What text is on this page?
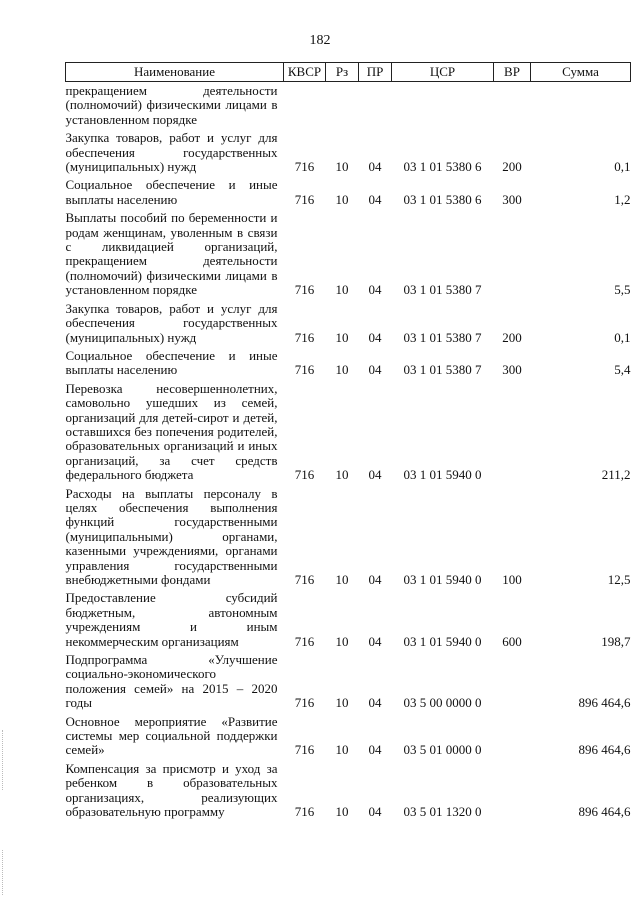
182
Наименование	КВСР	Рз	ПР	ЦСР	ВР	Сумма
прекращением деятельности (полномочий) физическими лицами в установленном порядке						
Закупка товаров, работ и услуг для обеспечения государственных (муниципальных) нужд	716	10	04	03 1 01 5380 6	200	0,1
Социальное обеспечение и иные выплаты населению	716	10	04	03 1 01 5380 6	300	1,2
Выплаты пособий по беременности и родам женщинам, уволенным в связи с ликвидацией организаций, прекращением деятельности (полномочий) физическими лицами в установленном порядке	716	10	04	03 1 01 5380 7		5,5
Закупка товаров, работ и услуг для обеспечения государственных (муниципальных) нужд	716	10	04	03 1 01 5380 7	200	0,1
Социальное обеспечение и иные выплаты населению	716	10	04	03 1 01 5380 7	300	5,4
Перевозка несовершеннолетних, самовольно ушедших из семей, организаций для детей-сирот и детей, оставшихся без попечения родителей, образовательных организаций и иных организаций, за счет средств федерального бюджета	716	10	04	03 1 01 5940 0		211,2
Расходы на выплаты персоналу в целях обеспечения выполнения функций государственными (муниципальными) органами, казенными учреждениями, органами управления государственными внебюджетными фондами	716	10	04	03 1 01 5940 0	100	12,5
Предоставление субсидий бюджетным, автономным учреждениям и иным некоммерческим организациям	716	10	04	03 1 01 5940 0	600	198,7
Подпрограмма «Улучшение социально-экономического положения семей» на 2015 – 2020 годы	716	10	04	03 5 00 0000 0		896 464,6
Основное мероприятие «Развитие системы мер социальной поддержки семей»	716	10	04	03 5 01 0000 0		896 464,6
Компенсация за присмотр и уход за ребенком в образовательных организациях, реализующих образовательную программу	716	10	04	03 5 01 1320 0		896 464,6
